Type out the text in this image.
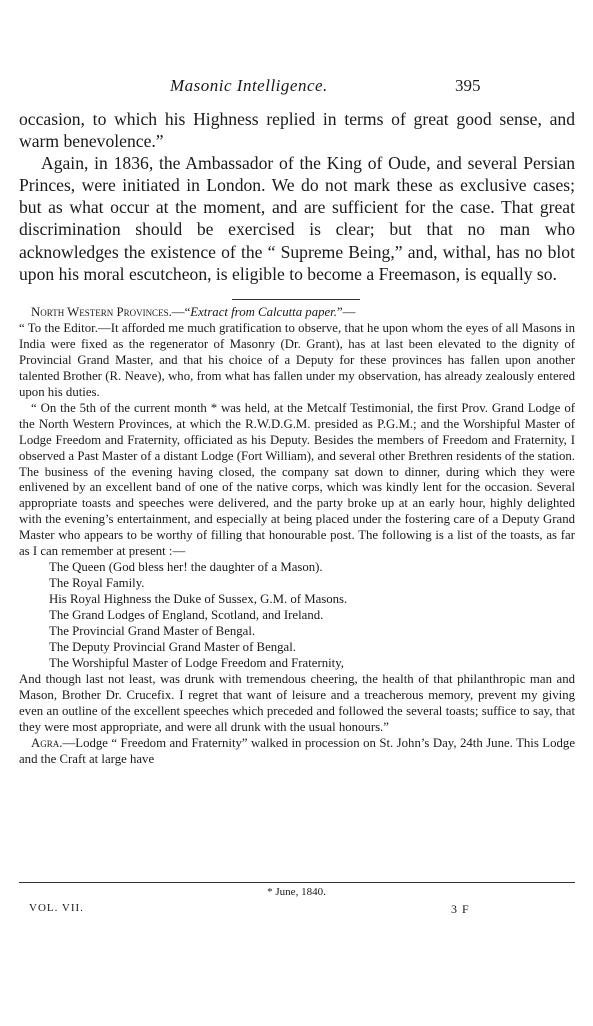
Masonic Intelligence.	395

occasion, to which his Highness replied in terms of great good sense, and warm benevolence.”

Again, in 1836, the Ambassador of the King of Oude, and several Persian Princes, were initiated in London. We do not mark these as exclusive cases; but as what occur at the moment, and are sufficient for the case. That great discrimination should be exercised is clear; but that no man who acknowledges the existence of the “ Supreme Being,” and, withal, has no blot upon his moral escutcheon, is eligible to become a Freemason, is equally so.

North Western Provinces.—“Extract from Calcutta paper.”—
“ To the Editor.—It afforded me much gratification to observe, that he upon whom the eyes of all Masons in India were fixed as the regenerator of Masonry (Dr. Grant), has at last been elevated to the dignity of Provincial Grand Master, and that his choice of a Deputy for these provinces has fallen upon another talented Brother (R. Neave), who, from what has fallen under my observation, has already zealously entered upon his duties.

“ On the 5th of the current month * was held, at the Metcalf Testimonial, the first Prov. Grand Lodge of the North Western Provinces, at which the R.W.D.G.M. presided as P.G.M.; and the Worshipful Master of Lodge Freedom and Fraternity, officiated as his Deputy. Besides the members of Freedom and Fraternity, I observed a Past Master of a distant Lodge (Fort William), and several other Brethren residents of the station. The business of the evening having closed, the company sat down to dinner, during which they were enlivened by an excellent band of one of the native corps, which was kindly lent for the occasion. Several appropriate toasts and speeches were delivered, and the party broke up at an early hour, highly delighted with the evening’s entertainment, and especially at being placed under the fostering care of a Deputy Grand Master who appears to be worthy of filling that honourable post. The following is a list of the toasts, as far as I can remember at present :—

The Queen (God bless her! the daughter of a Mason).
The Royal Family.
His Royal Highness the Duke of Sussex, G.M. of Masons.
The Grand Lodges of England, Scotland, and Ireland.
The Provincial Grand Master of Bengal.
The Deputy Provincial Grand Master of Bengal.
The Worshipful Master of Lodge Freedom and Fraternity,

And though last not least, was drunk with tremendous cheering, the health of that philanthropic man and Mason, Brother Dr. Crucefix. I regret that want of leisure and a treacherous memory, prevent my giving even an outline of the excellent speeches which preceded and followed the several toasts; suffice to say, that they were most appropriate, and were all drunk with the usual honours.”

Agra.—Lodge “ Freedom and Fraternity” walked in procession on St. John’s Day, 24th June. This Lodge and the Craft at large have

* June, 1840.
VOL. VII.	3 F
